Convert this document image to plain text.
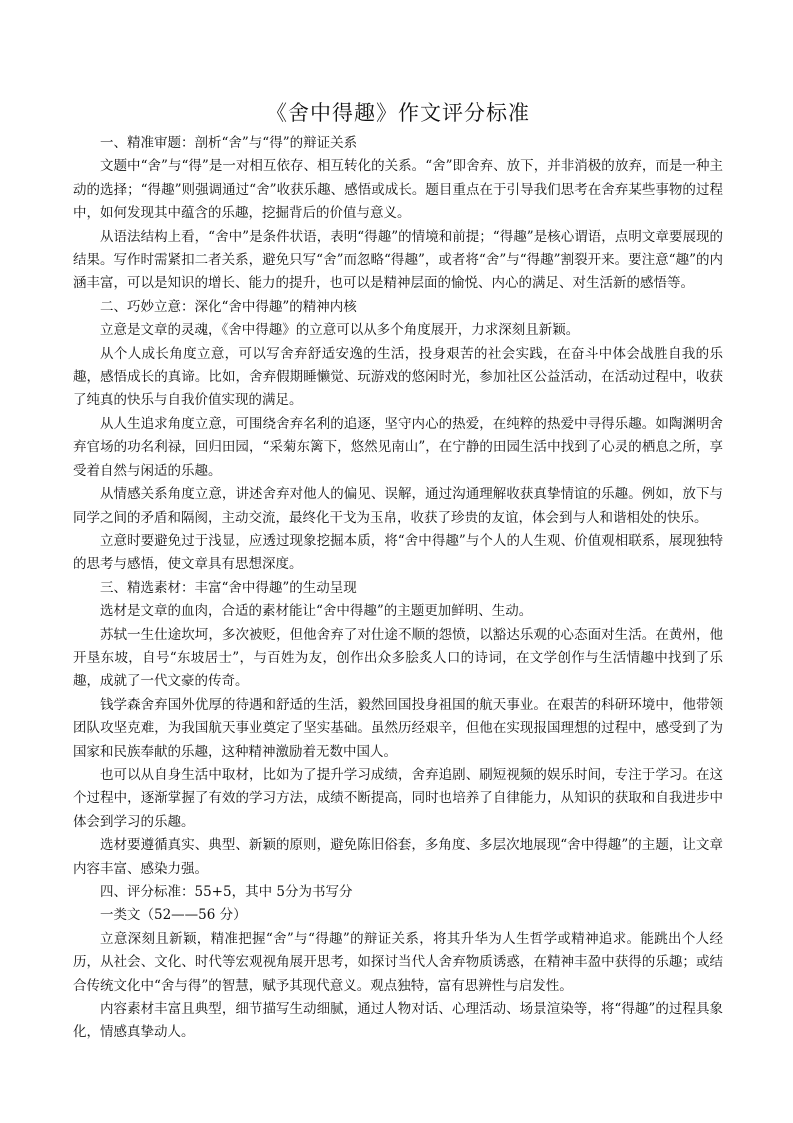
《舍中得趣》作文评分标准

一、精准审题：剖析“舍”与“得”的辩证关系

文题中“舍”与“得”是一对相互依存、相互转化的关系。“舍”即舍弃、放下，并非消极的放弃，而是一种主动的选择；“得趣”则强调通过“舍”收获乐趣、感悟或成长。题目重点在于引导我们思考在舍弃某些事物的过程中，如何发现其中蕴含的乐趣，挖掘背后的价值与意义。

从语法结构上看，“舍中”是条件状语，表明“得趣”的情境和前提；“得趣”是核心谓语，点明文章要展现的结果。写作时需紧扣二者关系，避免只写“舍”而忽略“得趣”，或者将“舍”与“得趣”割裂开来。要注意“趣”的内涵丰富，可以是知识的增长、能力的提升，也可以是精神层面的愉悦、内心的满足、对生活新的感悟等。

二、巧妙立意：深化“舍中得趣”的精神内核

立意是文章的灵魂，《舍中得趣》的立意可以从多个角度展开，力求深刻且新颖。

从个人成长角度立意，可以写舍弃舒适安逸的生活，投身艰苦的社会实践，在奋斗中体会战胜自我的乐趣，感悟成长的真谛。比如，舍弃假期睡懒觉、玩游戏的悠闲时光，参加社区公益活动，在活动过程中，收获了纯真的快乐与自我价值实现的满足。

从人生追求角度立意，可围绕舍弃名利的追逐，坚守内心的热爱，在纯粹的热爱中寻得乐趣。如陶渊明舍弃官场的功名利禄，回归田园，“采菊东篱下，悠然见南山”，在宁静的田园生活中找到了心灵的栖息之所，享受着自然与闲适的乐趣。

从情感关系角度立意，讲述舍弃对他人的偏见、误解，通过沟通理解收获真挚情谊的乐趣。例如，放下与同学之间的矛盾和隔阂，主动交流，最终化干戈为玉帛，收获了珍贵的友谊，体会到与人和谐相处的快乐。

立意时要避免过于浅显，应透过现象挖掘本质，将“舍中得趣”与个人的人生观、价值观相联系，展现独特的思考与感悟，使文章具有思想深度。

三、精选素材：丰富“舍中得趣”的生动呈现

选材是文章的血肉，合适的素材能让“舍中得趣”的主题更加鲜明、生动。

苏轼一生仕途坎坷，多次被贬，但他舍弃了对仕途不顺的怨愤，以豁达乐观的心态面对生活。在黄州，他开垦东坡，自号“东坡居士”，与百姓为友，创作出众多脍炙人口的诗词，在文学创作与生活情趣中找到了乐趣，成就了一代文豪的传奇。

钱学森舍弃国外优厚的待遇和舒适的生活，毅然回国投身祖国的航天事业。在艰苦的科研环境中，他带领团队攻坚克难，为我国航天事业奠定了坚实基础。虽然历经艰辛，但他在实现报国理想的过程中，感受到了为国家和民族奉献的乐趣，这种精神激励着无数中国人。

也可以从自身生活中取材，比如为了提升学习成绩，舍弃追剧、刷短视频的娱乐时间，专注于学习。在这个过程中，逐渐掌握了有效的学习方法，成绩不断提高，同时也培养了自律能力，从知识的获取和自我进步中体会到学习的乐趣。

选材要遵循真实、典型、新颖的原则，避免陈旧俗套，多角度、多层次地展现“舍中得趣”的主题，让文章内容丰富、感染力强。

四、评分标准：55+5，其中 5分为书写分

一类文（52——56 分）

立意深刻且新颖，精准把握“舍”与“得趣”的辩证关系，将其升华为人生哲学或精神追求。能跳出个人经历，从社会、文化、时代等宏观视角展开思考，如探讨当代人舍弃物质诱惑，在精神丰盈中获得的乐趣；或结合传统文化中“舍与得”的智慧，赋予其现代意义。观点独特，富有思辨性与启发性。

内容素材丰富且典型，细节描写生动细腻，通过人物对话、心理活动、场景渲染等，将“得趣”的过程具象化，情感真挚动人。
